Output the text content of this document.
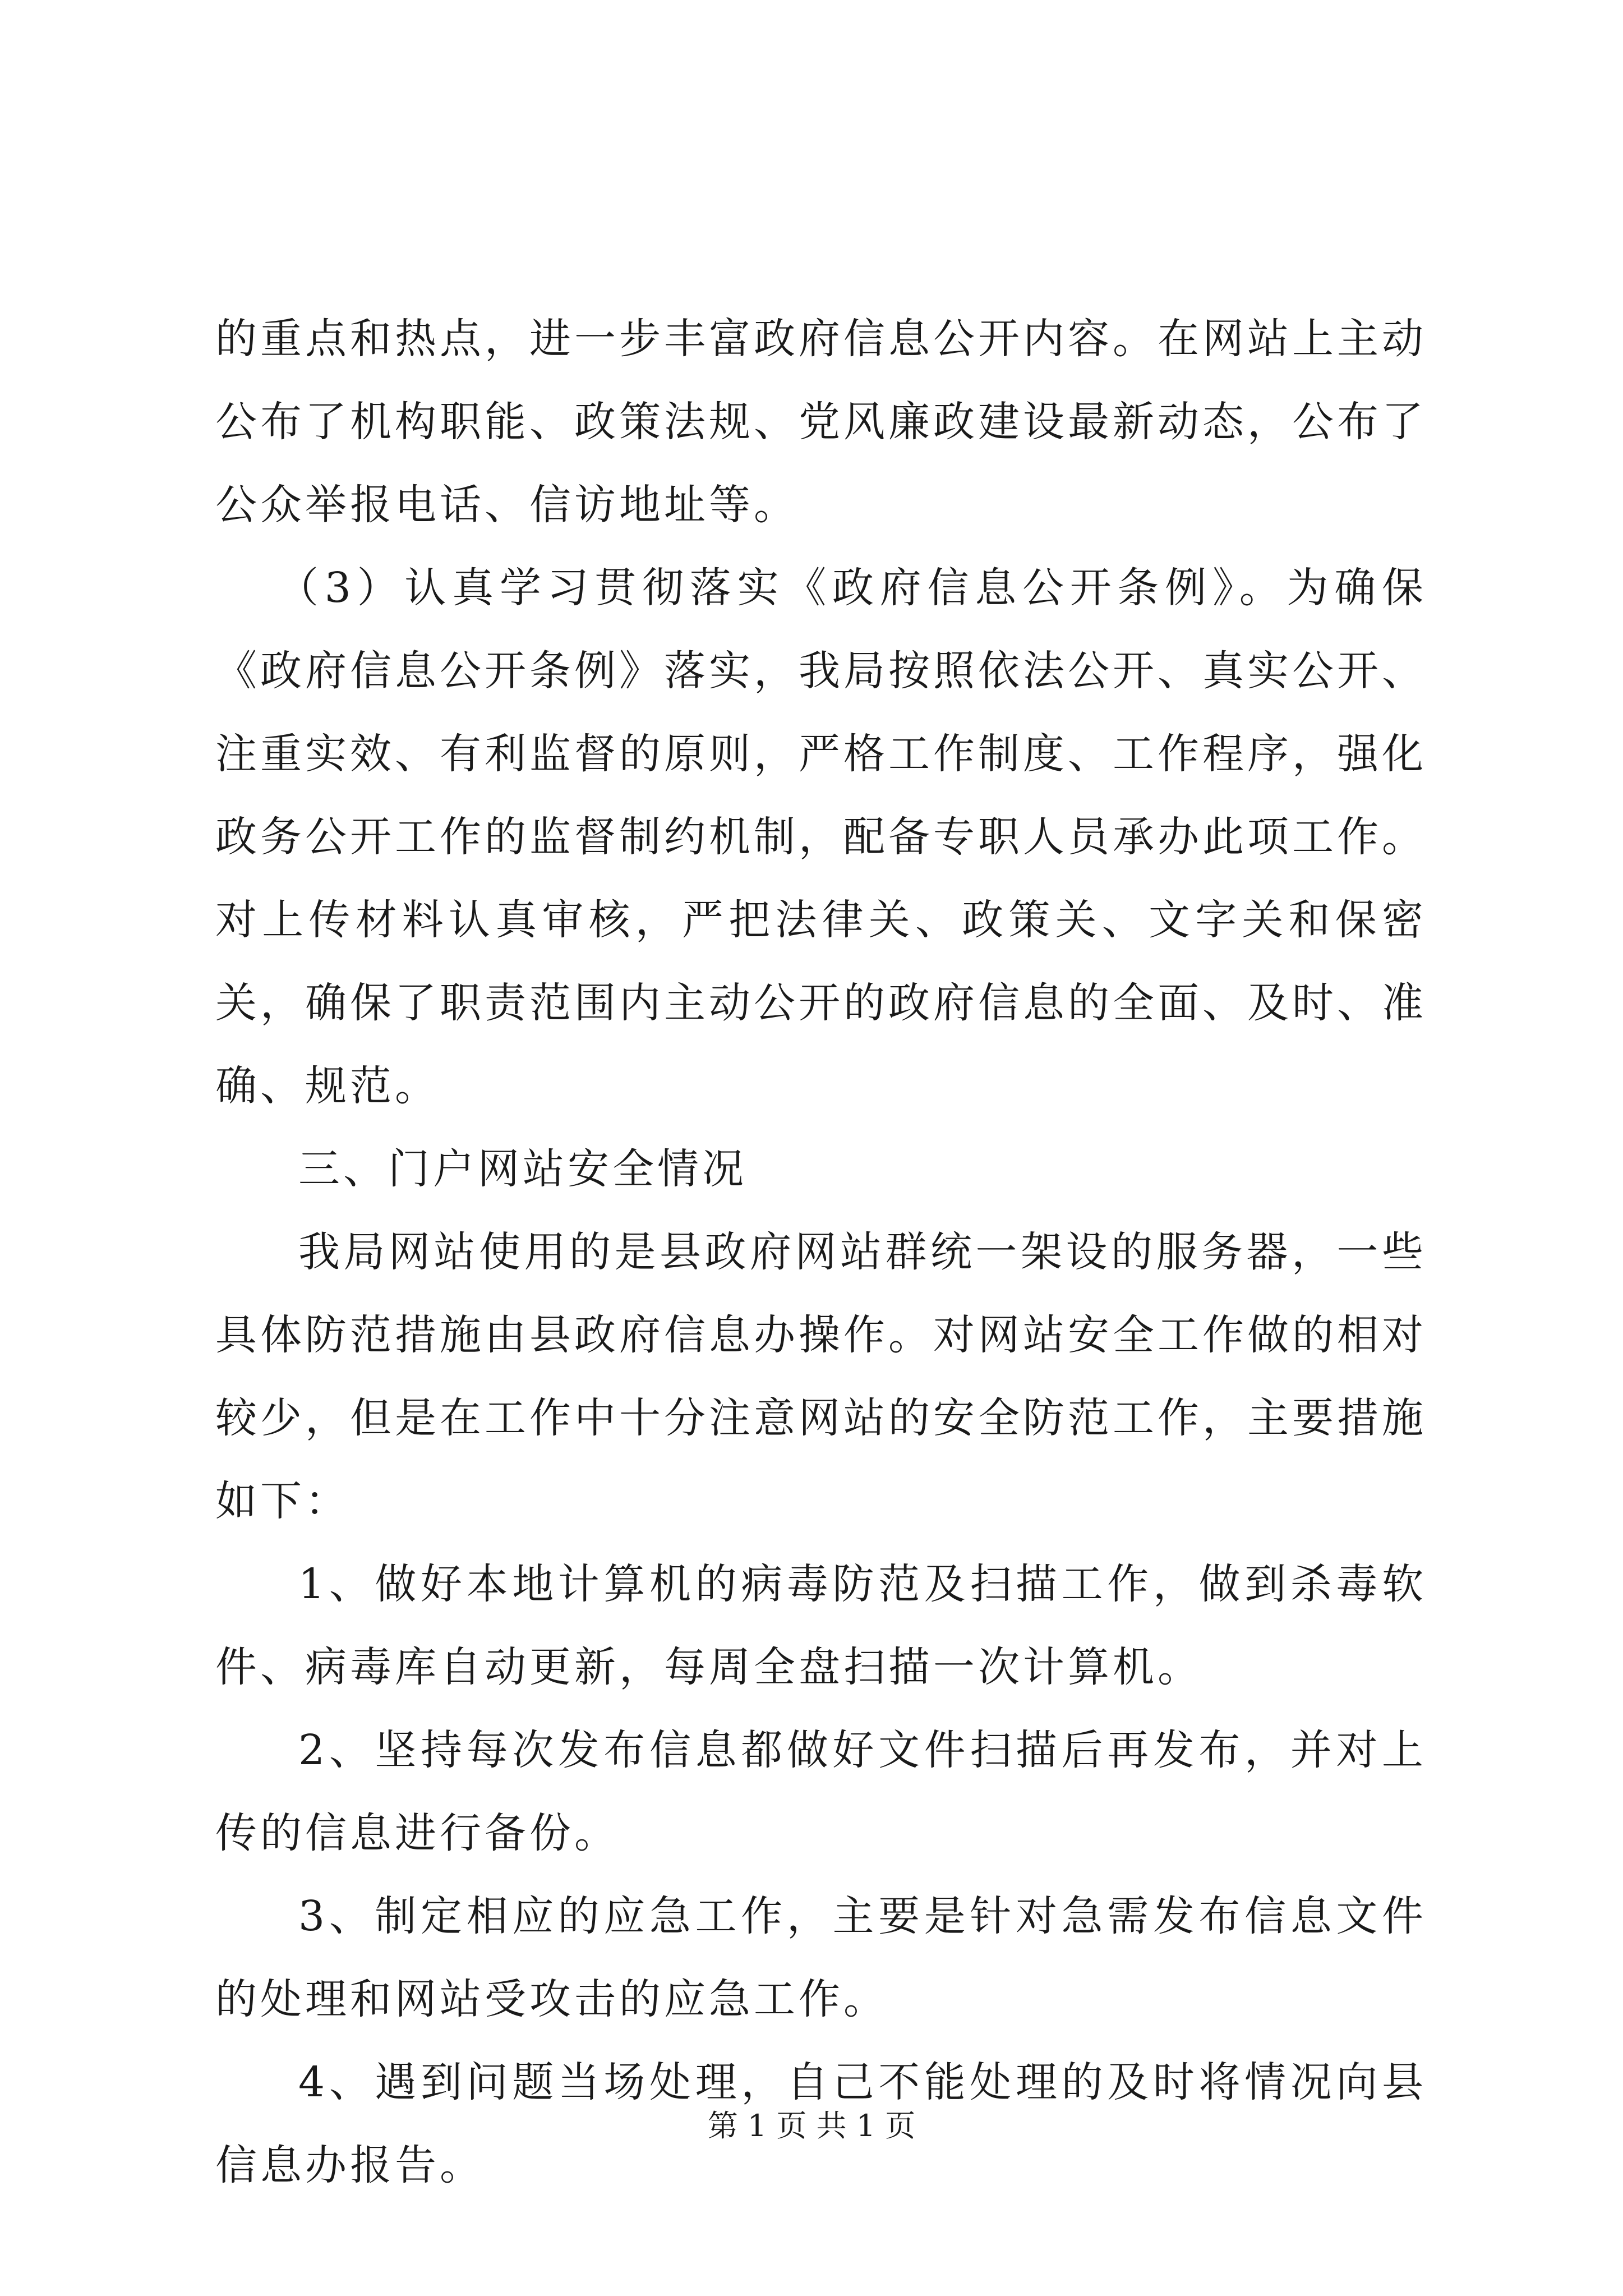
的重点和热点，进一步丰富政府信息公开内容。在网站上主动公布了机构职能、政策法规、党风廉政建设最新动态，公布了公众举报电话、信访地址等。

（3）认真学习贯彻落实《政府信息公开条例》。为确保《政府信息公开条例》落实，我局按照依法公开、真实公开、注重实效、有利监督的原则，严格工作制度、工作程序，强化政务公开工作的监督制约机制，配备专职人员承办此项工作。对上传材料认真审核，严把法律关、政策关、文字关和保密关，确保了职责范围内主动公开的政府信息的全面、及时、准确、规范。

三、门户网站安全情况

我局网站使用的是县政府网站群统一架设的服务器，一些具体防范措施由县政府信息办操作。对网站安全工作做的相对较少，但是在工作中十分注意网站的安全防范工作，主要措施如下：

1、做好本地计算机的病毒防范及扫描工作，做到杀毒软件、病毒库自动更新，每周全盘扫描一次计算机。

2、坚持每次发布信息都做好文件扫描后再发布，并对上传的信息进行备份。

3、制定相应的应急工作，主要是针对急需发布信息文件的处理和网站受攻击的应急工作。

4、遇到问题当场处理，自己不能处理的及时将情况向县信息办报告。

第 1 页 共 1 页
